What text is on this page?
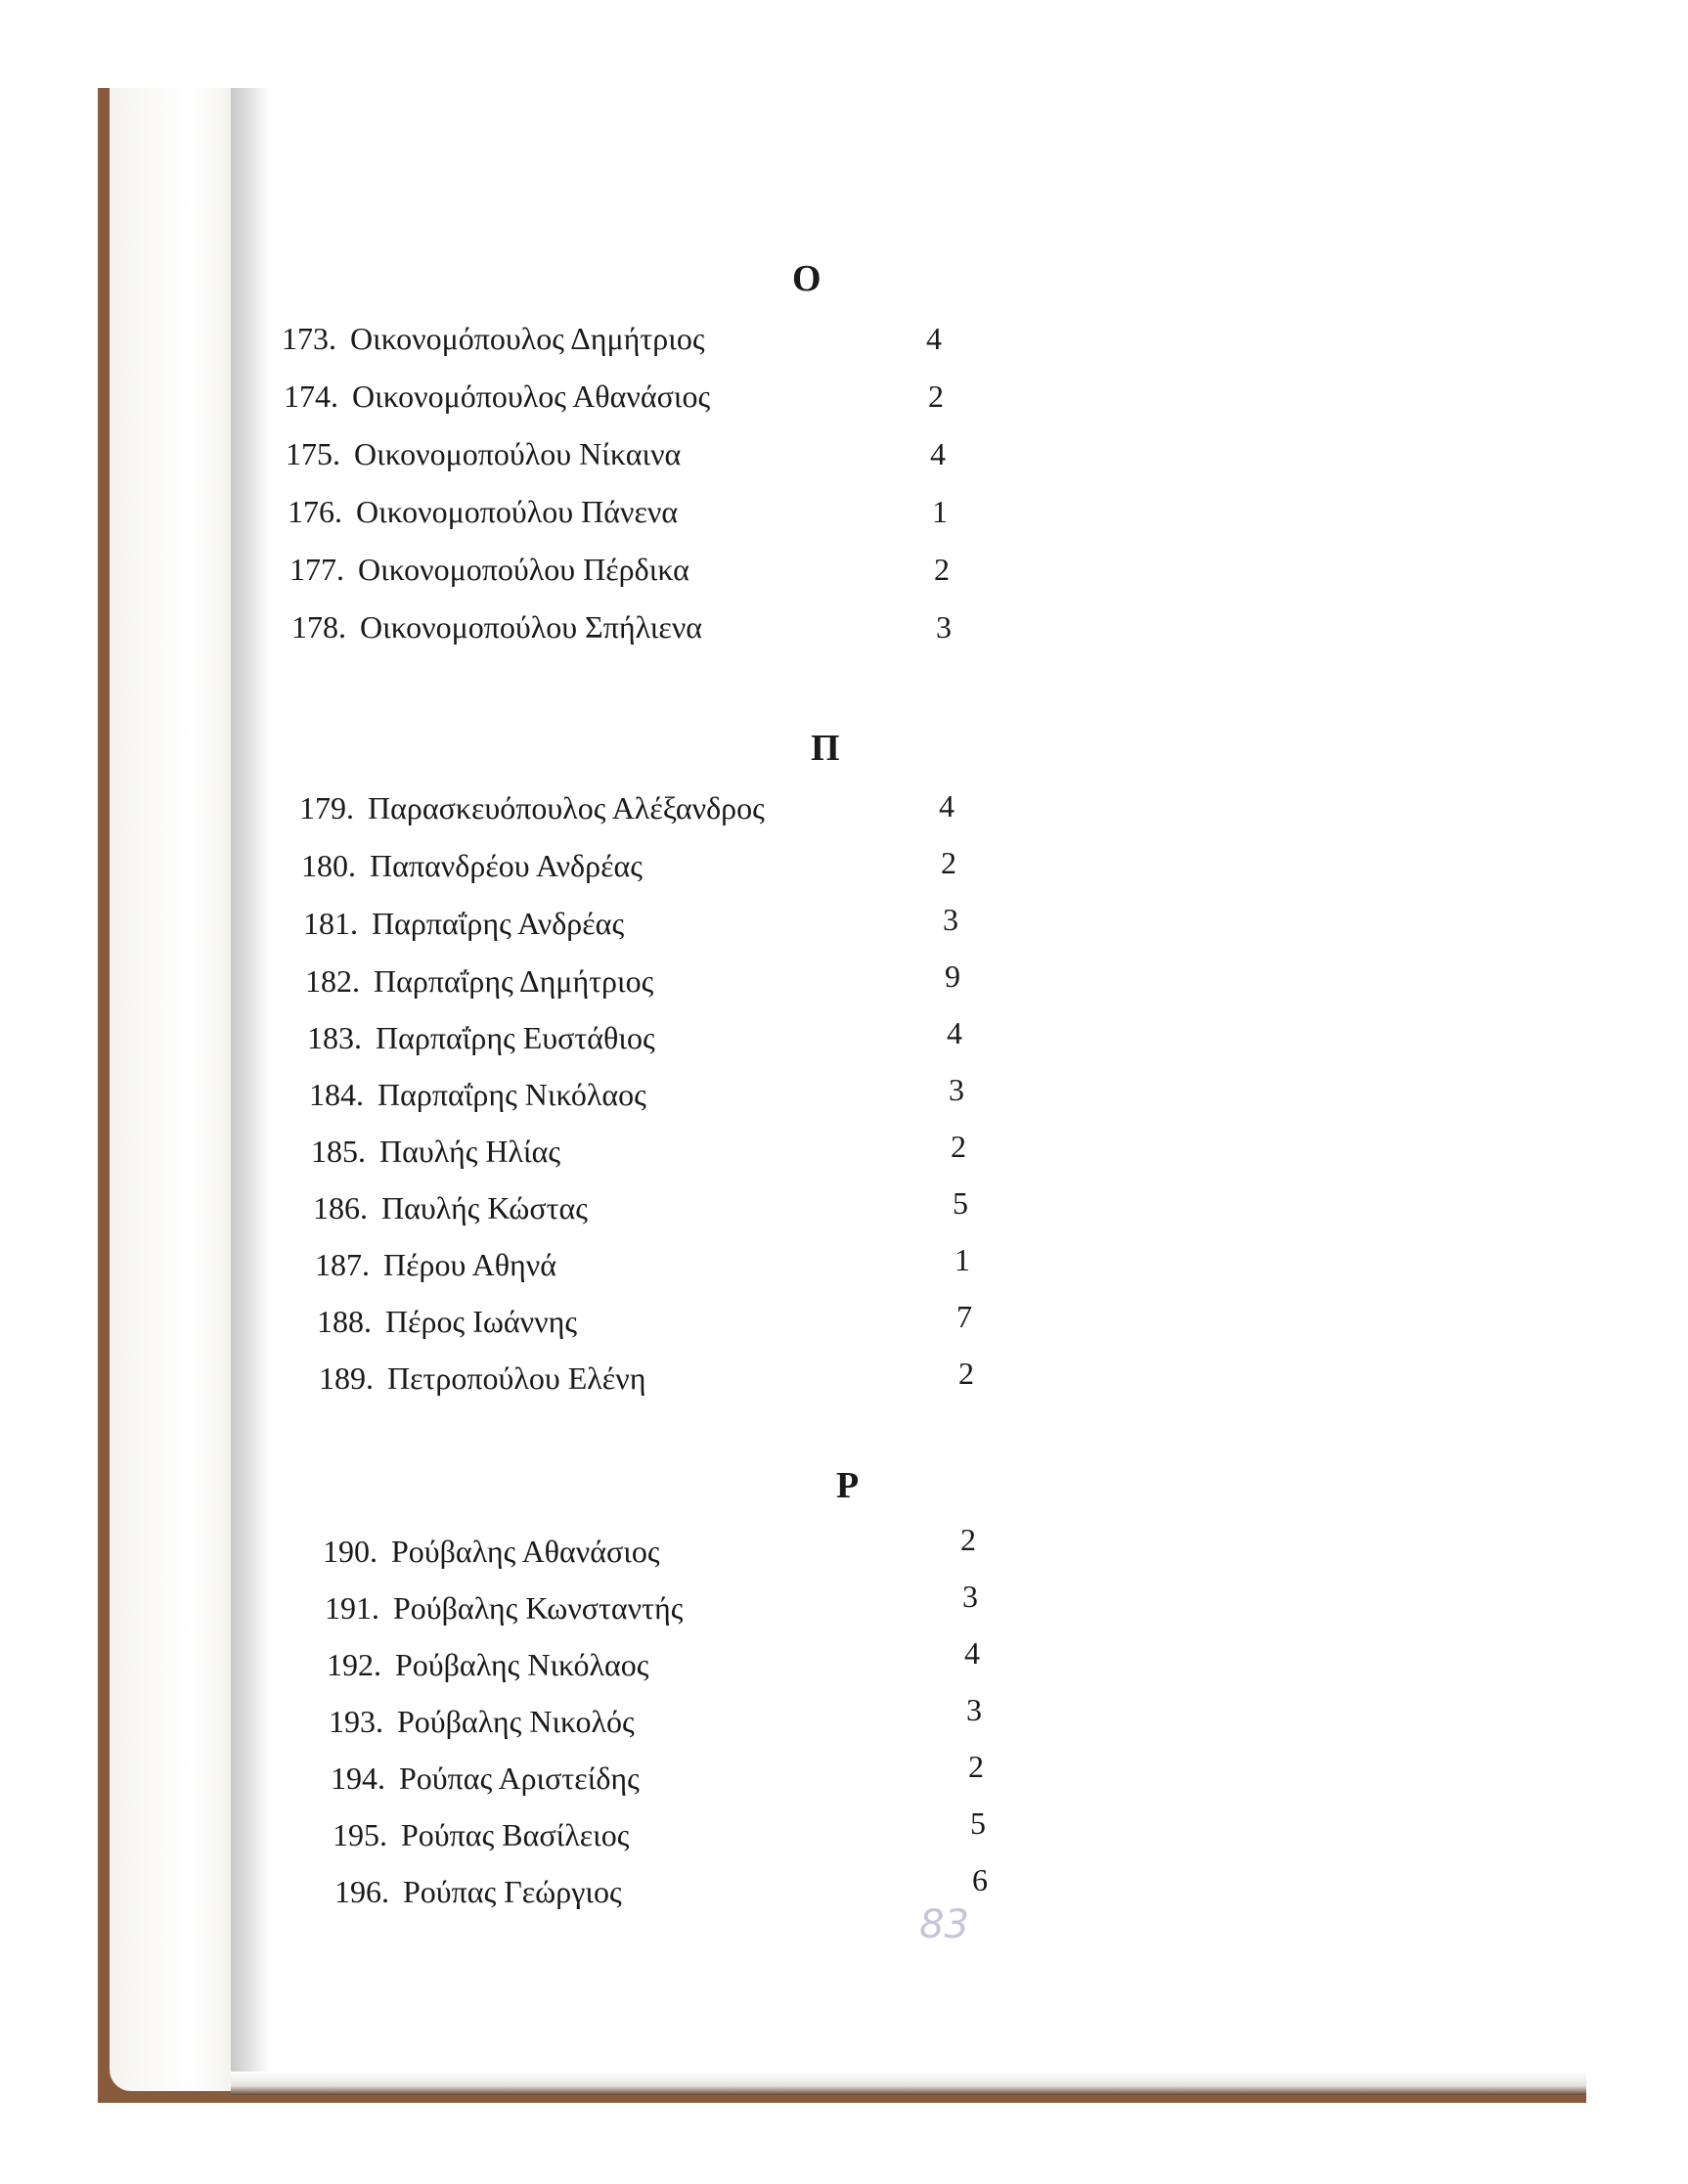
Ο
173. Οικονομόπουλος Δημήτριος	4
174. Οικονομόπουλος Αθανάσιος	2
175. Οικονομοπούλου Νίκαινα	4
176. Οικονομοπούλου Πάνενα	1
177. Οικονομοπούλου Πέρδικα	2
178. Οικονομοπούλου Σπήλιενα	3
Π
179. Παρασκευόπουλος Αλέξανδρος	4
180. Παπανδρέου Ανδρέας	2
181. Παρπαΐρης Ανδρέας	3
182. Παρπαΐρης Δημήτριος	9
183. Παρπαΐρης Ευστάθιος	4
184. Παρπαΐρης Νικόλαος	3
185. Παυλής Ηλίας	2
186. Παυλής Κώστας	5
187. Πέρου Αθηνά	1
188. Πέρος Ιωάννης	7
189. Πετροπούλου Ελένη	2
Ρ
190. Ρούβαλης Αθανάσιος	2
191. Ρούβαλης Κωνσταντής	3
192. Ρούβαλης Νικόλαος	4
193. Ρούβαλης Νικολός	3
194. Ρούπας Αριστείδης	2
195. Ρούπας Βασίλειος	5
196. Ρούπας Γεώργιος	6
83
